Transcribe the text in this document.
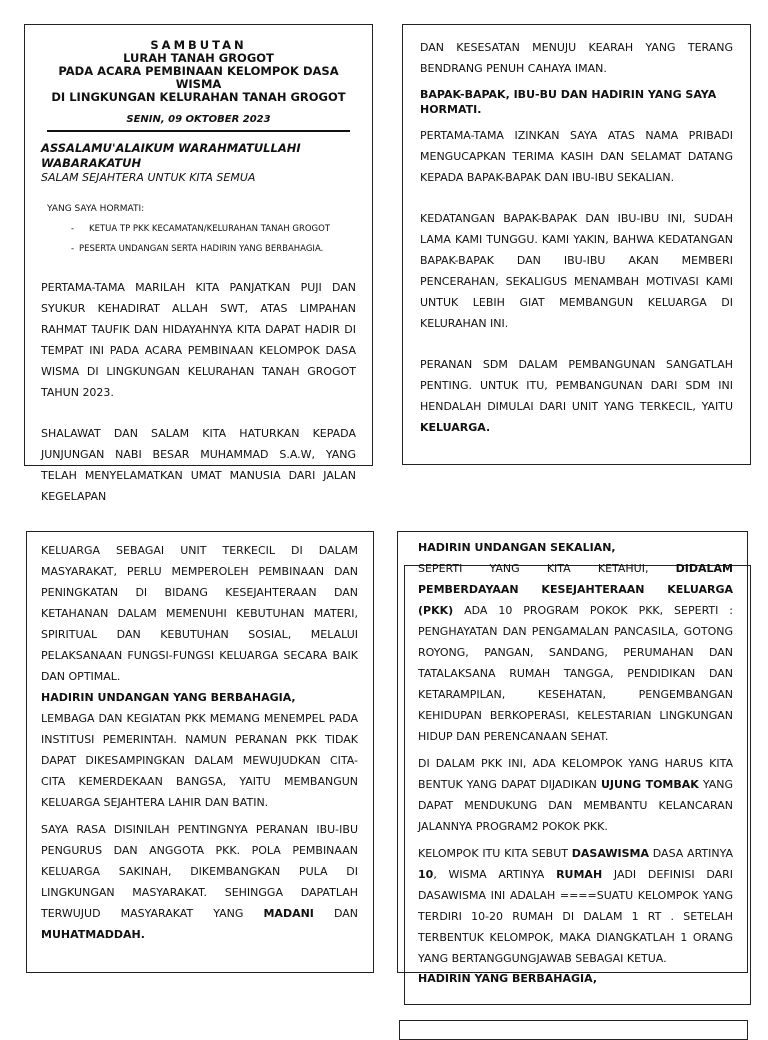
SAMBUTAN
LURAH TANAH GROGOT
PADA ACARA PEMBINAAN KELOMPOK DASA WISMA
DI LINGKUNGAN KELURAHAN TANAH GROGOT
SENIN, 09 OKTOBER 2023
ASSALAMU'ALAIKUM WARAHMATULLAHI WABARAKATUH
SALAM SEJAHTERA UNTUK KITA SEMUA
YANG SAYA HORMATI:
- KETUA TP PKK KECAMATAN/KELURAHAN TANAH GROGOT
- PESERTA UNDANGAN SERTA HADIRIN YANG BERBAHAGIA.

PERTAMA-TAMA MARILAH KITA PANJATKAN PUJI DAN SYUKUR KEHADIRAT ALLAH SWT, ATAS LIMPAHAN RAHMAT TAUFIK DAN HIDAYAHNYA KITA DAPAT HADIR DI TEMPAT INI PADA ACARA PEMBINAAN KELOMPOK DASA WISMA DI LINGKUNGAN KELURAHAN TANAH GROGOT TAHUN 2023.

SHALAWAT DAN SALAM KITA HATURKAN KEPADA JUNJUNGAN NABI BESAR MUHAMMAD S.A.W, YANG TELAH MENYELAMATKAN UMAT MANUSIA DARI JALAN KEGELAPAN

DAN KESESATAN MENUJU KEARAH YANG TERANG BENDRANG PENUH CAHAYA IMAN.

BAPAK-BAPAK, IBU-BU DAN HADIRIN YANG SAYA HORMATI.

PERTAMA-TAMA IZINKAN SAYA ATAS NAMA PRIBADI MENGUCAPKAN TERIMA KASIH DAN SELAMAT DATANG KEPADA BAPAK-BAPAK DAN IBU-IBU SEKALIAN.

KEDATANGAN BAPAK-BAPAK DAN IBU-IBU INI, SUDAH LAMA KAMI TUNGGU. KAMI YAKIN, BAHWA KEDATANGAN BAPAK-BAPAK DAN IBU-IBU AKAN MEMBERI PENCERAHAN, SEKALIGUS MENAMBAH MOTIVASI KAMI UNTUK LEBIH GIAT MEMBANGUN KELUARGA DI KELURAHAN INI.

PERANAN SDM DALAM PEMBANGUNAN SANGATLAH PENTING. UNTUK ITU, PEMBANGUNAN DARI SDM INI HENDALAH DIMULAI DARI UNIT YANG TERKECIL, YAITU KELUARGA.

KELUARGA SEBAGAI UNIT TERKECIL DI DALAM MASYARAKAT, PERLU MEMPEROLEH PEMBINAAN DAN PENINGKATAN DI BIDANG KESEJAHTERAAN DAN KETAHANAN DALAM MEMENUHI KEBUTUHAN MATERI, SPIRITUAL DAN KEBUTUHAN SOSIAL, MELALUI PELAKSANAAN FUNGSI-FUNGSI KELUARGA SECARA BAIK DAN OPTIMAL.

HADIRIN UNDANGAN YANG BERBAHAGIA,

LEMBAGA DAN KEGIATAN PKK MEMANG MENEMPEL PADA INSTITUSI PEMERINTAH. NAMUN PERANAN PKK TIDAK DAPAT DIKESAMPINGKAN DALAM MEWUJUDKAN CITA-CITA KEMERDEKAAN BANGSA, YAITU MEMBANGUN KELUARGA SEJAHTERA LAHIR DAN BATIN.

SAYA RASA DISINILAH PENTINGNYA PERANAN IBU-IBU PENGURUS DAN ANGGOTA PKK. POLA PEMBINAAN KELUARGA SAKINAH, DIKEMBANGKAN PULA DI LINGKUNGAN MASYARAKAT. SEHINGGA DAPATLAH TERWUJUD MASYARAKAT YANG MADANI DAN MUHATMADDAH.

HADIRIN UNDANGAN SEKALIAN,

SEPERTI YANG KITA KETAHUI, DIDALAM PEMBERDAYAAN KESEJAHTERAAN KELUARGA (PKK) ADA 10 PROGRAM POKOK PKK, SEPERTI : PENGHAYATAN DAN PENGAMALAN PANCASILA, GOTONG ROYONG, PANGAN, SANDANG, PERUMAHAN DAN TATALAKSANA RUMAH TANGGA, PENDIDIKAN DAN KETARAMPILAN, KESEHATAN, PENGEMBANGAN KEHIDUPAN BERKOPERASI, KELESTARIAN LINGKUNGAN HIDUP DAN PERENCANAAN SEHAT.

DI DALAM PKK INI, ADA KELOMPOK YANG HARUS KITA BENTUK YANG DAPAT DIJADIKAN UJUNG TOMBAK YANG DAPAT MENDUKUNG DAN MEMBANTU KELANCARAN JALANNYA PROGRAM2 POKOK PKK.

KELOMPOK ITU KITA SEBUT DASAWISMA DASA ARTINYA 10, WISMA ARTINYA RUMAH JADI DEFINISI DARI DASAWISMA INI ADALAH ====SUATU KELOMPOK YANG TERDIRI 10-20 RUMAH DI DALAM 1 RT . SETELAH TERBENTUK KELOMPOK, MAKA DIANGKATLAH 1 ORANG YANG BERTANGGUNGJAWAB SEBAGAI KETUA.

HADIRIN YANG BERBAHAGIA,
